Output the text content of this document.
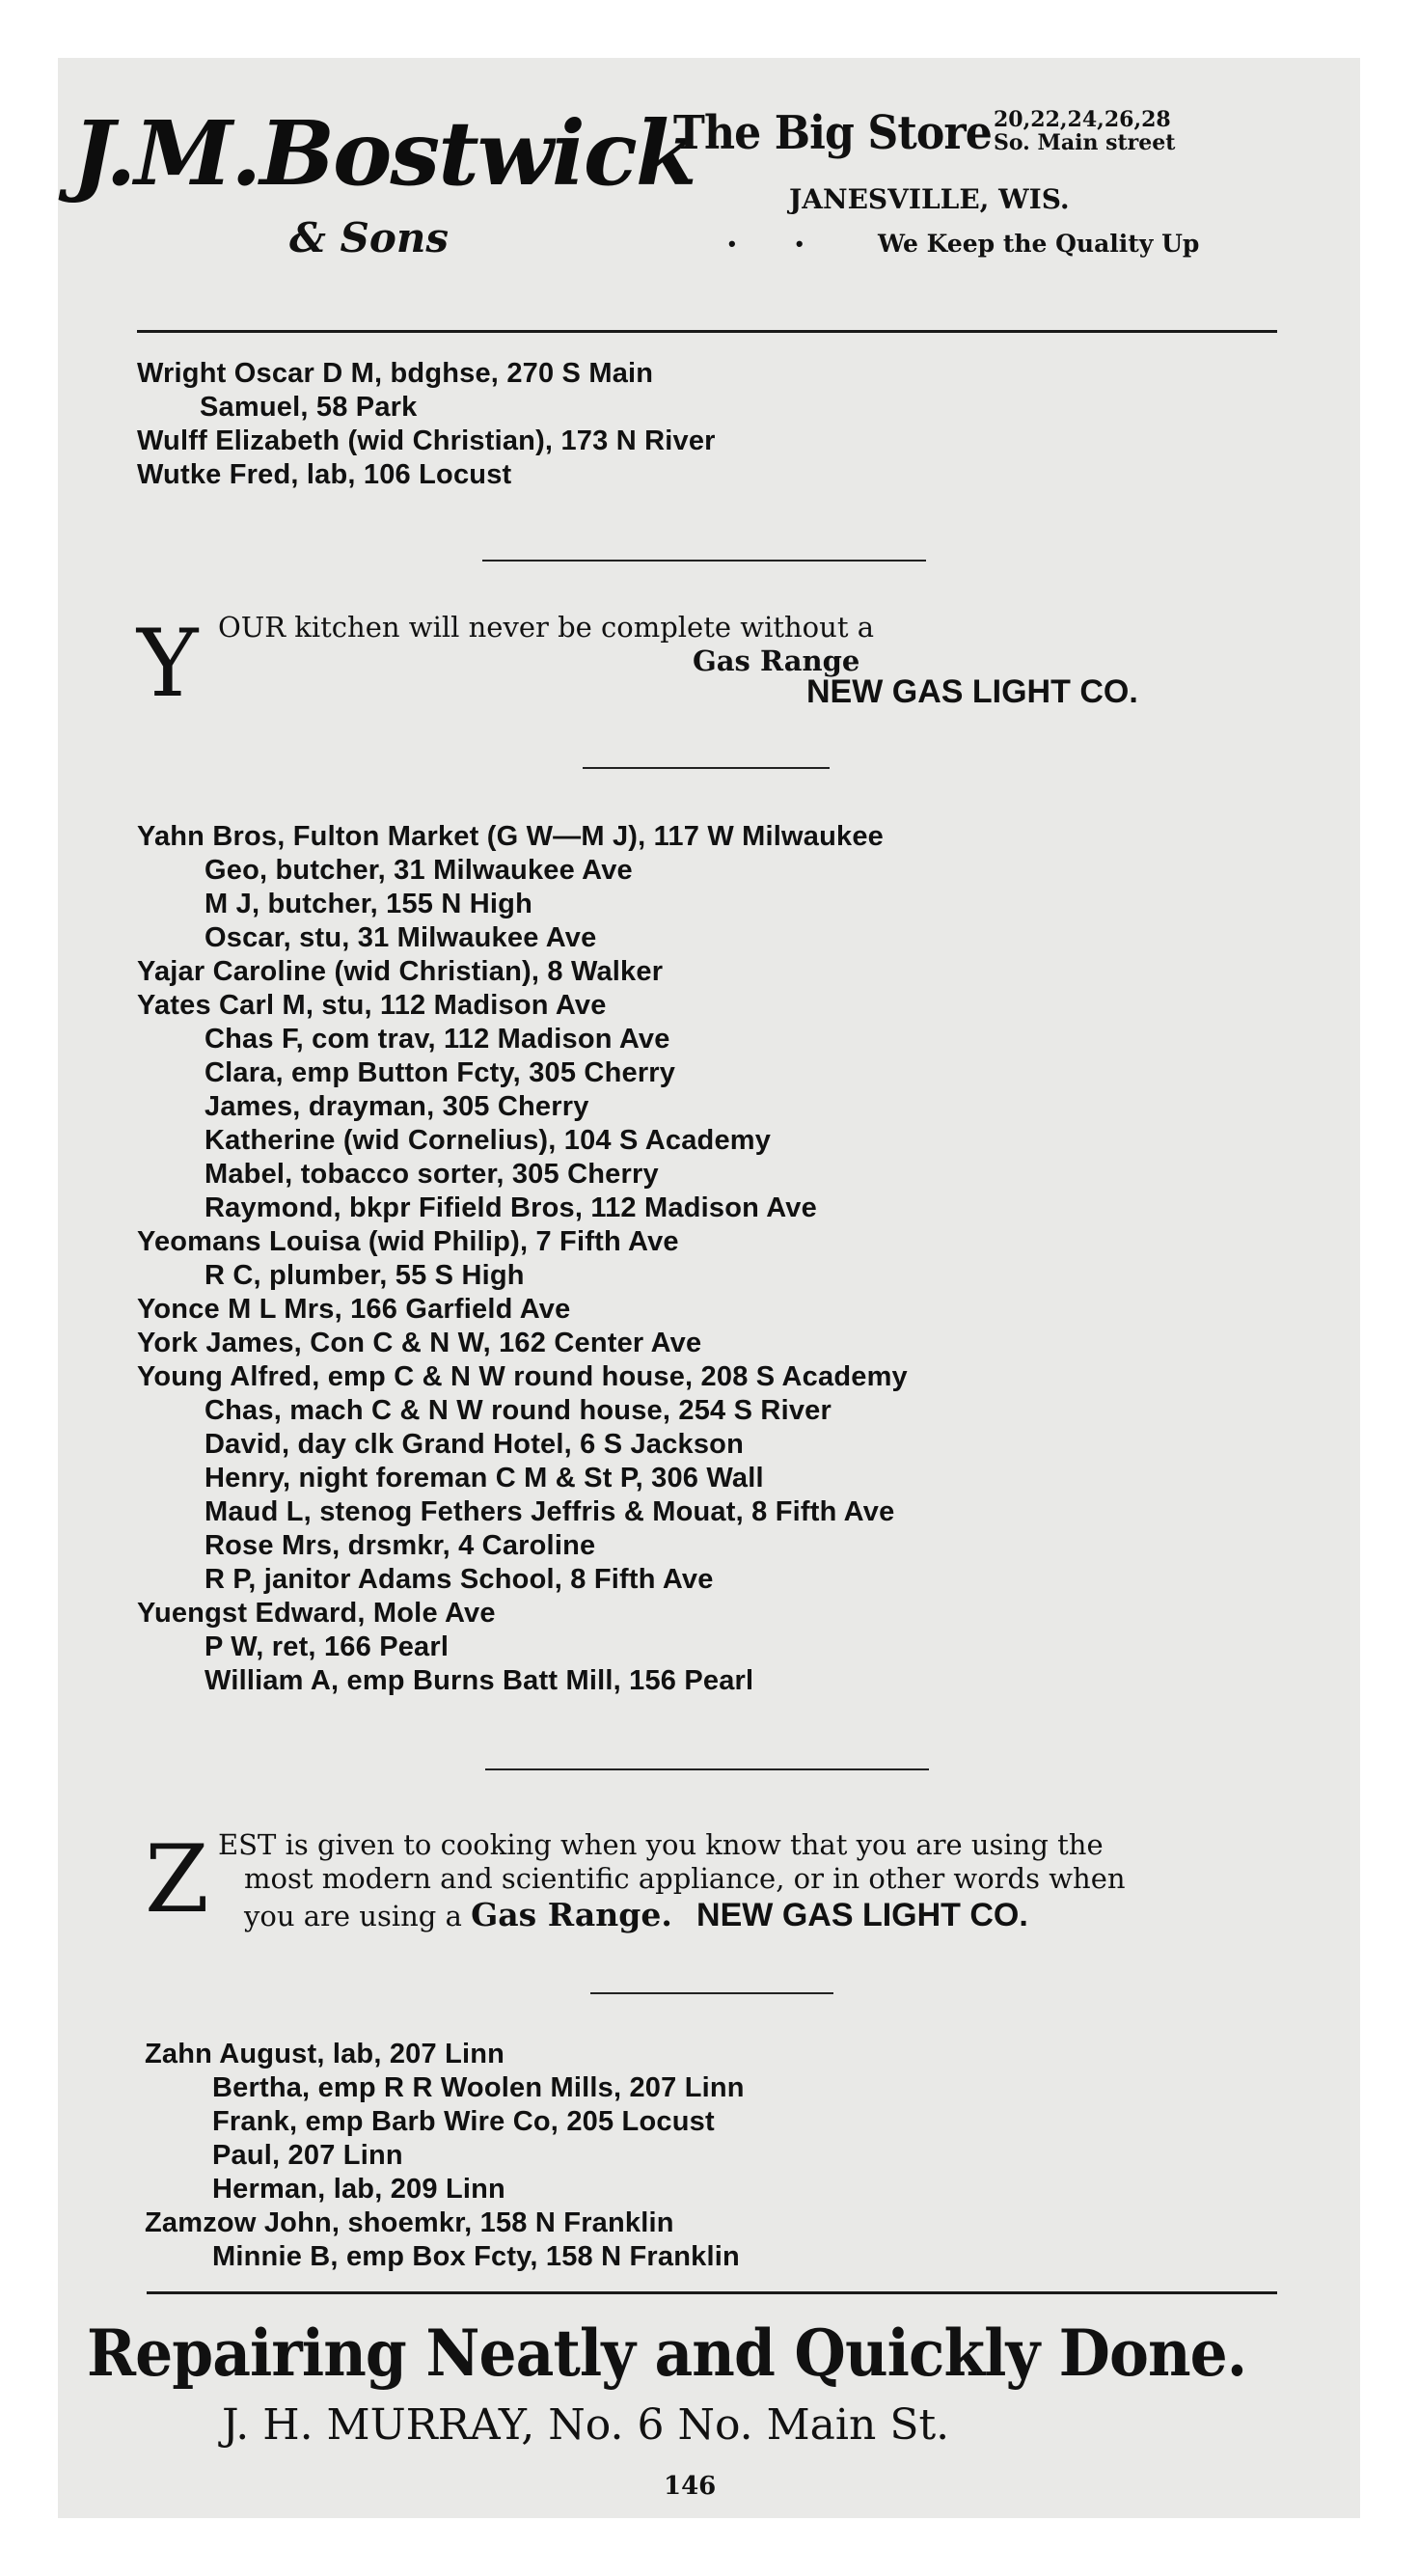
J.M.Bostwick
& Sons
The Big Store 20,22,24,26,28
So. Main street
JANESVILLE, WIS.
• • We Keep the Quality Up
Wright Oscar D M, bdghse, 270 S Main
Samuel, 58 Park
Wulff Elizabeth (wid Christian), 173 N River
Wutke Fred, lab, 106 Locust
Y OUR kitchen will never be complete without a
Gas Range
NEW GAS LIGHT CO.
Yahn Bros, Fulton Market (G W—M J), 117 W Milwaukee
Geo, butcher, 31 Milwaukee Ave
M J, butcher, 155 N High
Oscar, stu, 31 Milwaukee Ave
Yajar Caroline (wid Christian), 8 Walker
Yates Carl M, stu, 112 Madison Ave
Chas F, com trav, 112 Madison Ave
Clara, emp Button Fcty, 305 Cherry
James, drayman, 305 Cherry
Katherine (wid Cornelius), 104 S Academy
Mabel, tobacco sorter, 305 Cherry
Raymond, bkpr Fifield Bros, 112 Madison Ave
Yeomans Louisa (wid Philip), 7 Fifth Ave
R C, plumber, 55 S High
Yonce M L Mrs, 166 Garfield Ave
York James, Con C & N W, 162 Center Ave
Young Alfred, emp C & N W round house, 208 S Academy
Chas, mach C & N W round house, 254 S River
David, day clk Grand Hotel, 6 S Jackson
Henry, night foreman C M & St P, 306 Wall
Maud L, stenog Fethers Jeffris & Mouat, 8 Fifth Ave
Rose Mrs, drsmkr, 4 Caroline
R P, janitor Adams School, 8 Fifth Ave
Yuengst Edward, Mole Ave
P W, ret, 166 Pearl
William A, emp Burns Batt Mill, 156 Pearl
Z EST is given to cooking when you know that you are using the
most modern and scientific appliance, or in other words when
you are using a Gas Range. NEW GAS LIGHT CO.
Zahn August, lab, 207 Linn
Bertha, emp R R Woolen Mills, 207 Linn
Frank, emp Barb Wire Co, 205 Locust
Paul, 207 Linn
Herman, lab, 209 Linn
Zamzow John, shoemkr, 158 N Franklin
Minnie B, emp Box Fcty, 158 N Franklin
Repairing Neatly and Quickly Done.
J. H. MURRAY, No. 6 No. Main St.
146
